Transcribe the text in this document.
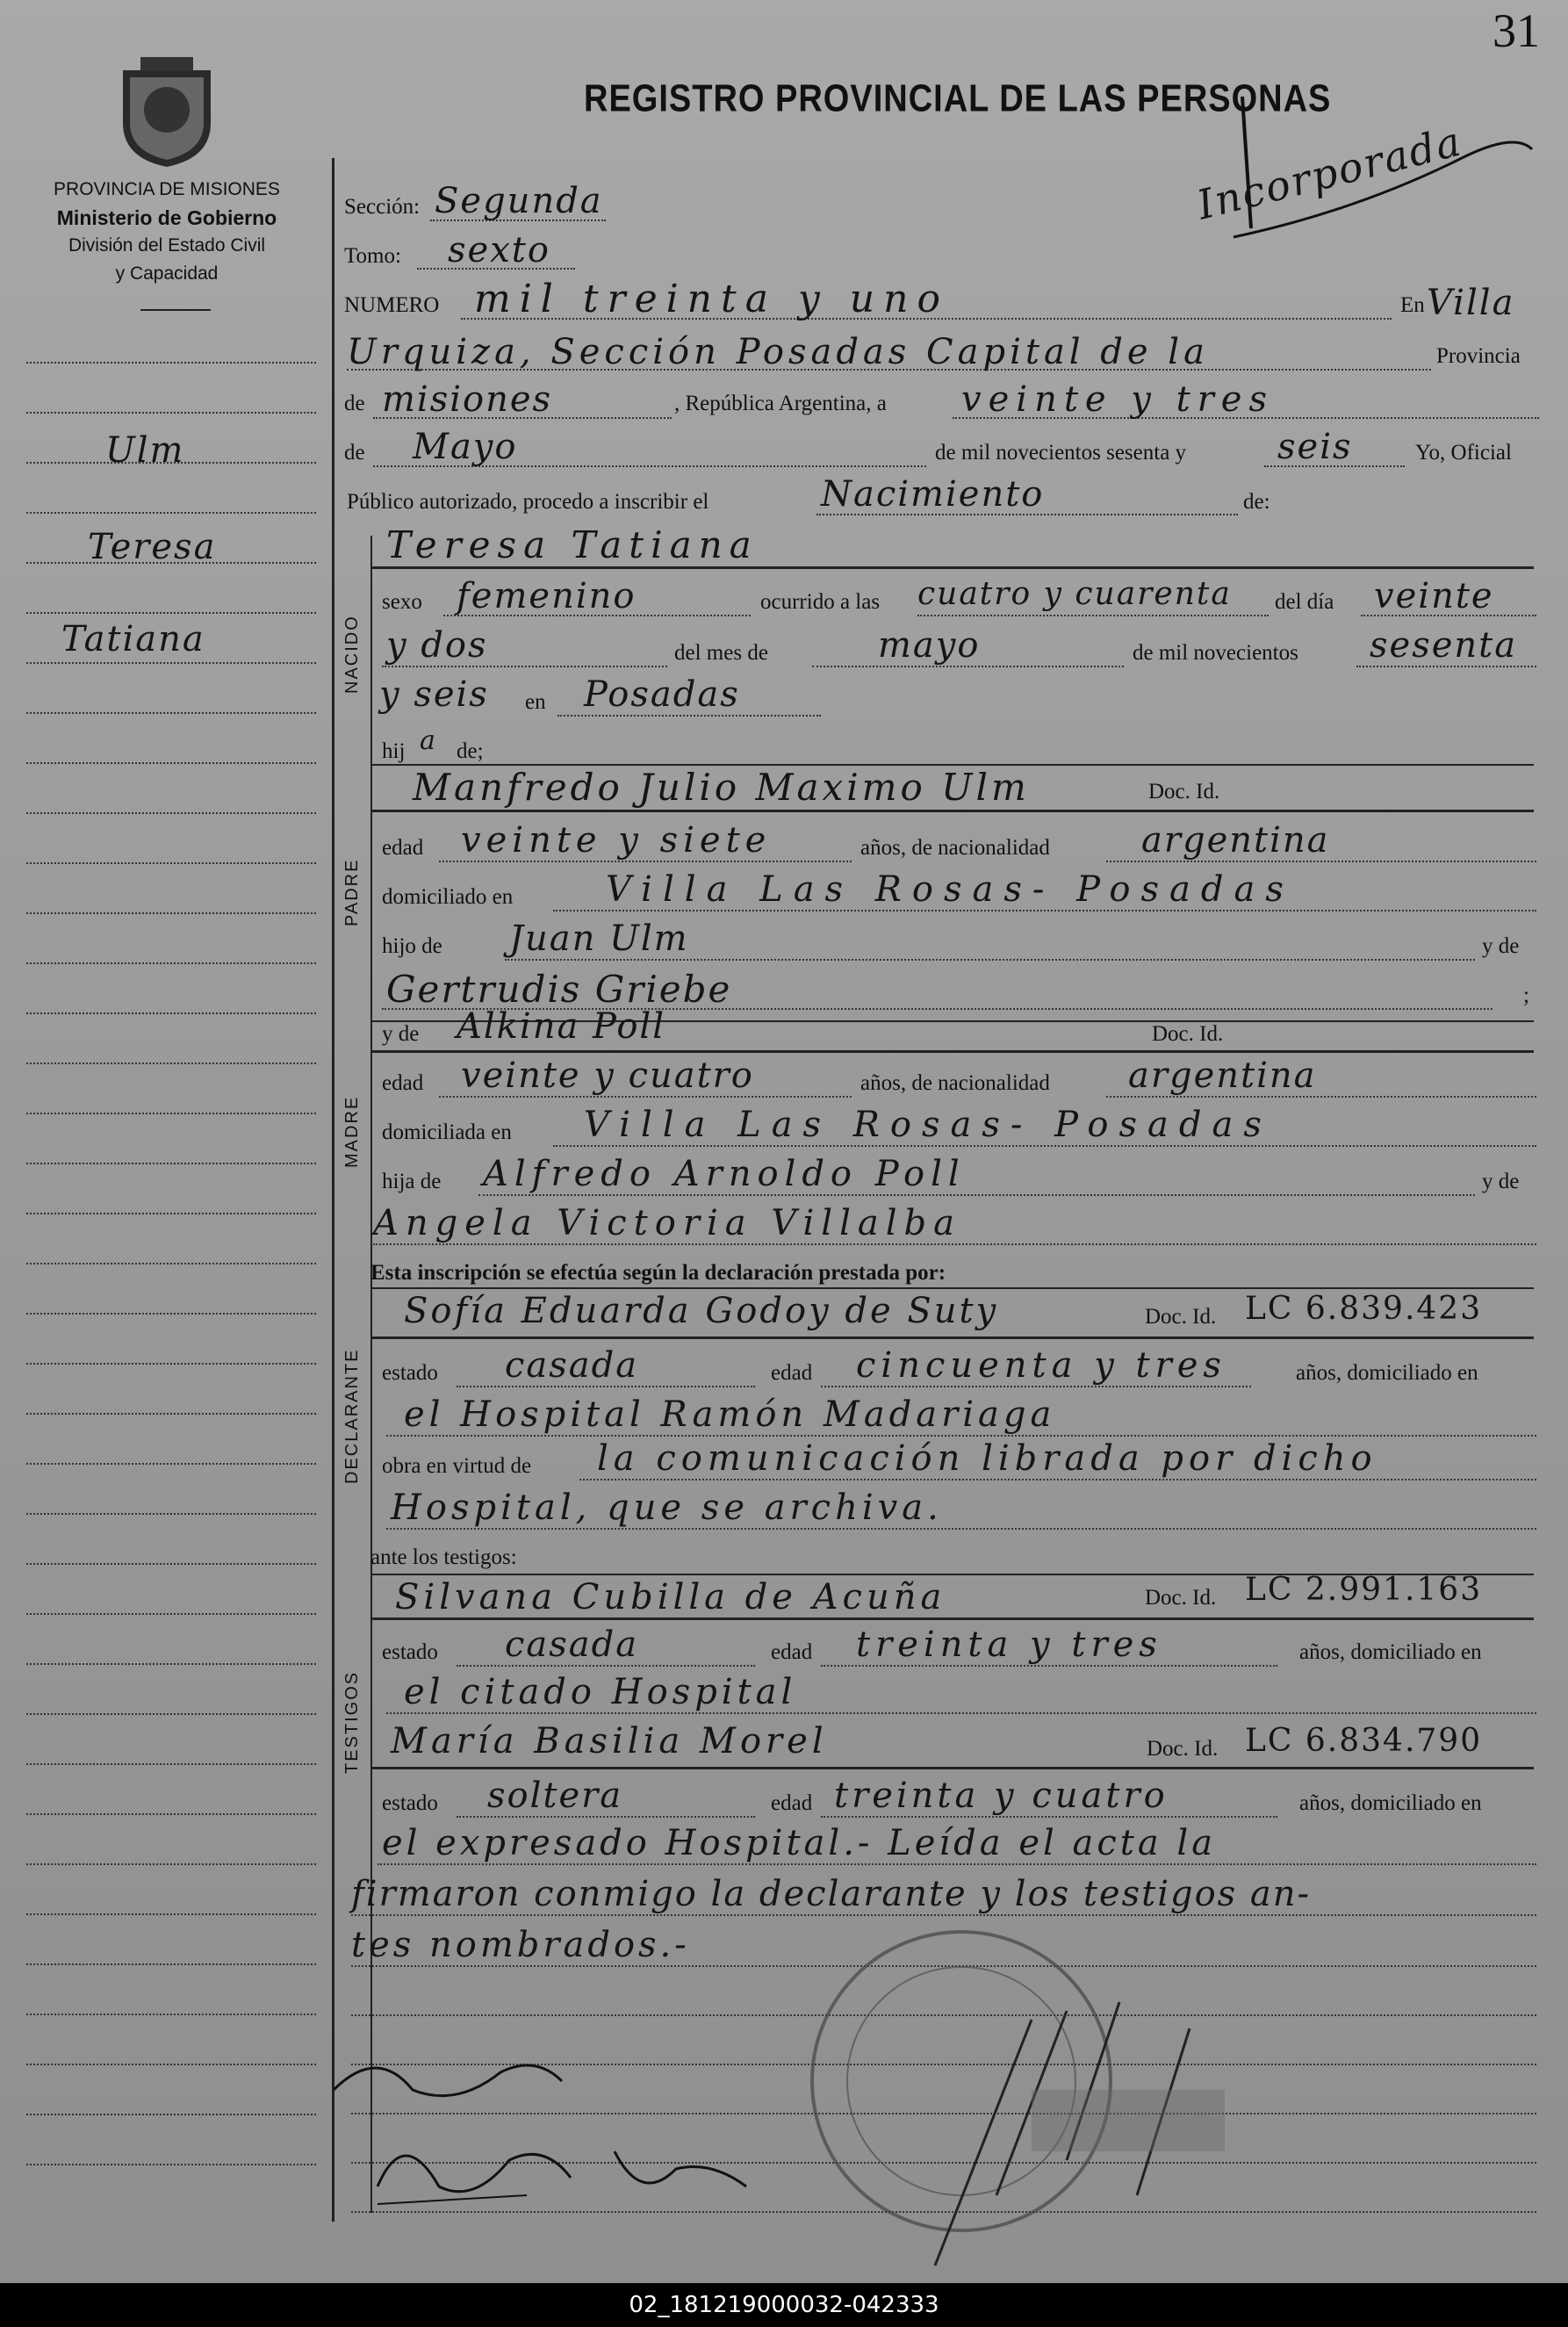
31
PROVINCIA DE MISIONES
Ministerio de Gobierno
División del Estado Civil
y Capacidad
REGISTRO PROVINCIAL DE LAS PERSONAS
Incorporada
Ulm
Teresa
Tatiana
Sección: Segunda
Tomo: sexto
NUMERO mil treinta y uno	En Villa
Urquiza, Sección Posadas Capital de la	Provincia
de misiones	, República Argentina, a veinte y tres
de Mayo	de mil novecientos sesenta y	seis	Yo, Oficial
Público autorizado, procedo a inscribir el	Nacimiento	de:
NACIDO
PADRE
MADRE
DECLARANTE
TESTIGOS
Teresa Tatiana
sexo femenino	ocurrido a las cuatro y cuarenta del día veinte
y dos	del mes de	mayo	de mil novecientos sesenta
y seis en Posadas
hij a de;
Manfredo Julio Maximo Ulm	Doc. Id.
edad veinte y siete	años, de nacionalidad	argentina
domiciliado en	Villa Las Rosas- Posadas
hijo de Juan Ulm	y de
Gertrudis Griebe	;
y de Alkina Poll	Doc. Id.
edad veinte y cuatro	años, de nacionalidad argentina
domiciliada en Villa Las Rosas- Posadas
hija de Alfredo Arnoldo Poll	y de
Angela Victoria Villalba
Esta inscripción se efectúa según la declaración prestada por:
Sofía Eduarda Godoy de Suty	Doc. Id. LC 6.839.423
estado casada	edad cincuenta y tres	años, domiciliado en
el Hospital Ramón Madariaga
obra en virtud de la comunicación librada por dicho
Hospital, que se archiva.
ante los testigos:
Silvana Cubilla de Acuña	Doc. Id. LC 2.991.163
estado casada	edad treinta y tres	años, domiciliado en
el citado Hospital
María Basilia Morel	Doc. Id. LC 6.834.790
estado soltera	edad treinta y cuatro	años, domiciliado en
el expresado Hospital.- Leída el acta la
firmaron conmigo la declarante y los testigos an-
tes nombrados.-
02_181219000032-042333
